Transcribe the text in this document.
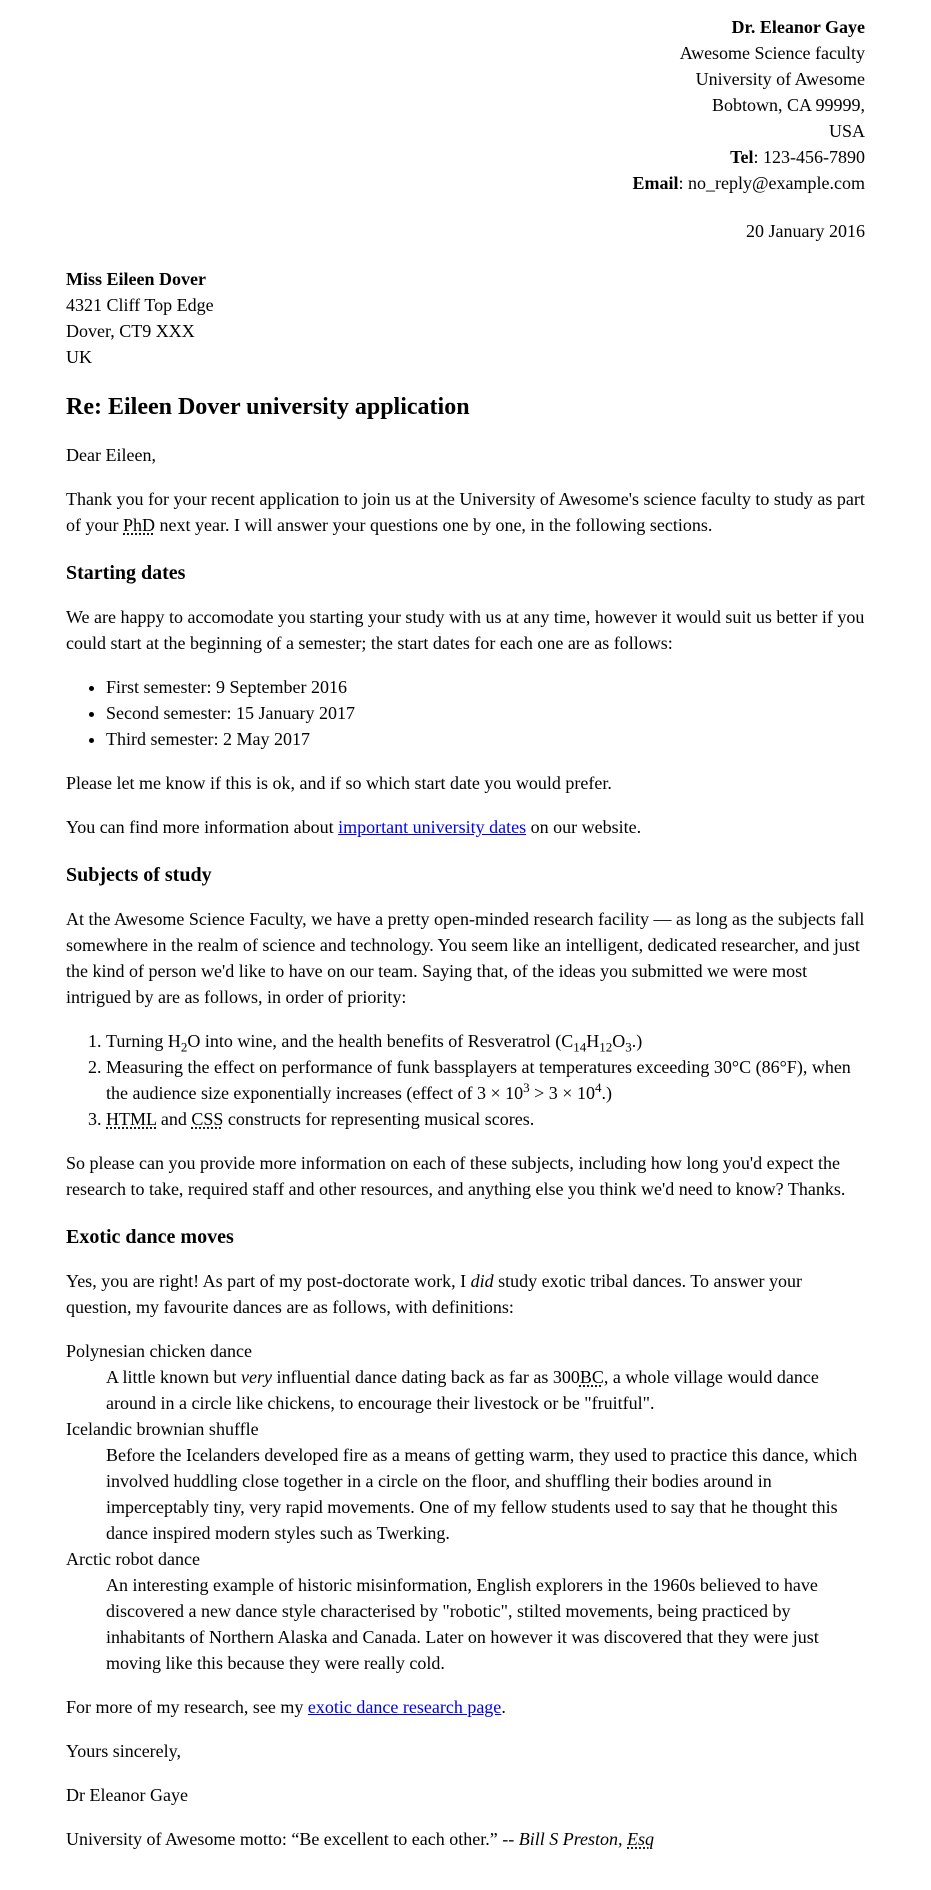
Dr. Eleanor Gaye

Awesome Science faculty

University of Awesome

Bobtown, CA 99999,

USA

Tel: 123-456-7890

Email: no_reply@example.com

20 January 2016

Miss Eileen Dover

4321 Cliff Top Edge

Dover, CT9 XXX

UK

Re: Eileen Dover university application

Dear Eileen,

Thank you for your recent application to join us at the University of Awesome's science faculty to study as part of your PhD next year. I will answer your questions one by one, in the following sections.

Starting dates

We are happy to accomodate you starting your study with us at any time, however it would suit us better if you could start at the beginning of a semester; the start dates for each one are as follows:

• First semester: 9 September 2016
• Second semester: 15 January 2017
• Third semester: 2 May 2017

Please let me know if this is ok, and if so which start date you would prefer.

You can find more information about important university dates on our website.

Subjects of study

At the Awesome Science Faculty, we have a pretty open-minded research facility — as long as the subjects fall somewhere in the realm of science and technology. You seem like an intelligent, dedicated researcher, and just the kind of person we'd like to have on our team. Saying that, of the ideas you submitted we were most intrigued by are as follows, in order of priority:

1. Turning $H_2O$ into wine, and the health benefits of Resveratrol $(C_{14}H_{12}O_3.)$
2. Measuring the effect on performance of funk bassplayers at temperatures exceeding 30°C (86°F), when the audience size exponentially increases (effect of $3 \times 10^3 > 3 \times 10^4$.)
3. HTML and CSS constructs for representing musical scores.

So please can you provide more information on each of these subjects, including how long you'd expect the research to take, required staff and other resources, and anything else you think we'd need to know? Thanks.

Exotic dance moves

Yes, you are right! As part of my post-doctorate work, I did study exotic tribal dances. To answer your question, my favourite dances are as follows, with definitions:

Polynesian chicken dance
A little known but very influential dance dating back as far as 300BC, a whole village would dance around in a circle like chickens, to encourage their livestock or be "fruitful".
Icelandic brownian shuffle
Before the Icelanders developed fire as a means of getting warm, they used to practice this dance, which involved huddling close together in a circle on the floor, and shuffling their bodies around in imperceptably tiny, very rapid movements. One of my fellow students used to say that he thought this dance inspired modern styles such as Twerking.
Arctic robot dance
An interesting example of historic misinformation, English explorers in the 1960s believed to have discovered a new dance style characterised by "robotic", stilted movements, being practiced by inhabitants of Northern Alaska and Canada. Later on however it was discovered that they were just moving like this because they were really cold.

For more of my research, see my exotic dance research page.

Yours sincerely,

Dr Eleanor Gaye

University of Awesome motto: “Be excellent to each other.” -- Bill S Preston, Esq
